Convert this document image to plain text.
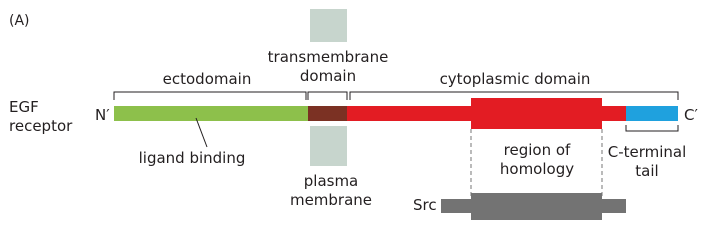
(A)
transmembrane
domain
ectodomain	cytoplasmic domain
EGF
receptor
N′	C′
ligand binding	region of
homology
C-terminal
tail
plasma
membrane	Src
